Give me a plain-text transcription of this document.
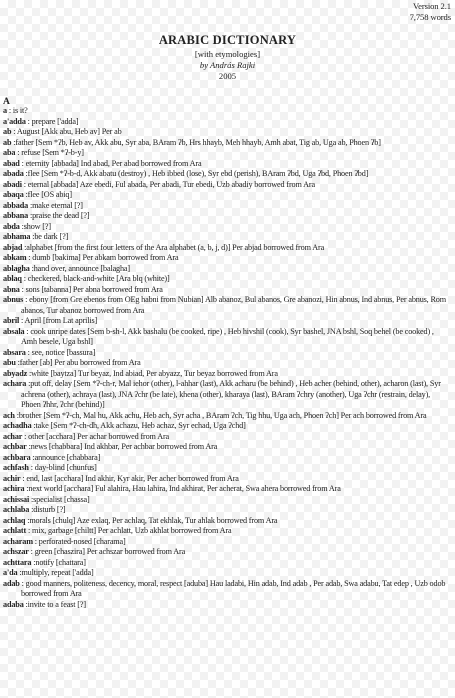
Version 2.1
7,758 words
ARABIC DICTIONARY
[with etymologies]
by András Rajki
2005
A

a : is it?

a'adda : prepare ['adda]

ab : August [Akk abu, Heb av] Per ab

ab :father [Sem *ʔb, Heb av, Akk abu, Syr aba, BAram ʔb, Hrs hhayb, Meh hhayb, Amh abat, Tig ab, Uga ab, Phoen ʔb]

aba : refuse [Sem *ʔ-b-y]

abad : eternity [abbada] Ind abad, Per abad borrowed from Ara

abada :flee [Sem *ʔ-b-d, Akk abatu (destroy) , Heb ibbed (lose), Syr ebd (perish), BAram ʔbd, Uga ʔbd, Phoen ʔbd]

abadi : eternal [abbada] Aze ebedi, Ful abada, Per abadi, Tur ebedi, Uzb abadiy borrowed from Ara

abaqa :flee [OS abiq]

abbada :make eternal [?]

abbana :praise the dead [?]

abda :show [?]

abhama :be dark [?]

abjad :alphabet [from the first four letters of the Ara alphabet (a, b, j, d)] Per abjad borrowed from Ara

abkam : dumb [bakima] Per abkam borrowed from Ara

ablagha :hand over, announce [balagha]

ablaq : checkered, black-and-white [Ara blq (white)]

abna : sons [tabanna] Per abna borrowed from Ara

abnus : ebony [from Gre ebenos from OEg habni from Nubian] Alb abanoz, Bul abanos, Gre abanozi, Hin abnus, Ind abnus, Per abnus, Rom abanos, Tur abanoz borrowed from Ara

abril : April [from Lat aprilis]

absala : cook unripe dates [Sem b-sh-l, Akk bashalu (be cooked, ripe) , Heb hivshil (cook), Syr bashel, JNA bshl, Soq behel (be cooked) , Amh besele, Uga bshl]

absara : see, notice [bassura]

abu :father [ab] Per abu borrowed from Ara

abyadz :white [baytza] Tur beyaz, Ind abiad, Per abyazz, Tur beyaz borrowed from Ara

achara :put off, delay [Sem *ʔ-ch-r, Mal iehor (other), l-ahhar (last), Akk acharu (be behind) , Heb acher (behind, other), acharon (last), Syr achrena (other), achraya (last), JNA ʔchr (be late), khena (other), kharaya (last), BAram ʔchry (another), Uga ʔchr (restrain, delay), Phoen ʔhhr, ʔchr (behind)]

ach :brother [Sem *ʔ-ch, Mal hu, Akk achu, Heb ach, Syr acha , BAram ʔch, Tig hhu, Uga ach, Phoen ʔch] Per ach borrowed from Ara

achadha :take [Sem *ʔ-ch-dh, Akk achazu, Heb achaz, Syr echad, Uga ʔchd]

achar : other [acchara] Per achar borrowed from Ara

achbar :news [chabbara] Ind akhbar, Per achbar borrowed from Ara

achbara :announce [chabbara]

achfash : day-blind [chunfus]

achir : end, last [acchara] Ind akhir, Kyr akir, Per acher borrowed from Ara

achira :next world [acchara] Ful alahira, Hau lahira, Ind akhirat, Per acherat, Swa ahera borrowed from Ara

achissai :specialist [chassa]

achlaba :disturb [?]

achlaq :morals [chulq] Aze exlaq, Per achlaq, Tat ekhlak, Tur ahlak borrowed from Ara

achlatt : mix, garbage [chiltt] Per achlatt, Uzb akhlat borrowed from Ara

acharam : perforated-nosed [charama]

achszar : green [chaszira] Per achszar borrowed from Ara

achttara :notify [chattara]

a'da :multiply, repeat ['adda]

adab : good manners, politeness, decency, moral, respect [aduba] Hau ladabi, Hin adab, Ind adab , Per adab, Swa adabu, Tat edep , Uzb odob borrowed from Ara

adaba :invite to a feast [?]
